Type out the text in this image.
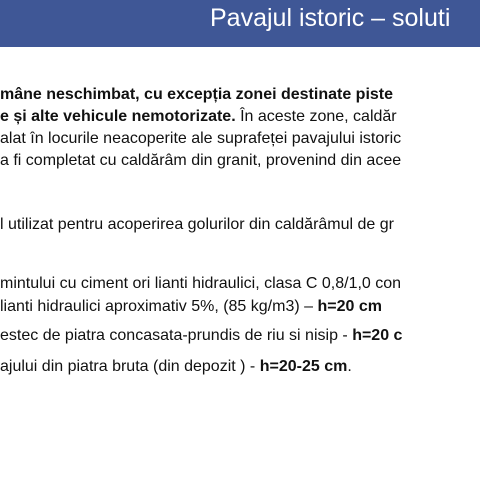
Pavajul istoric – soluti
mâne neschimbat, cu excepția zonei destinate piste
e și alte vehicule nemotorizate. În aceste zone, caldăr
alat în locurile neacoperite ale suprafeței pavajului istoric
a fi completat cu caldărâm din granit, provenind din acee
l utilizat pentru acoperirea golurilor din caldărâmul de gr
mintului cu ciment ori lianti hidraulici, clasa C 0,8/1,0 con
lianti hidraulici aproximativ 5%, (85 kg/m3) – h=20 cm
estec de piatra concasata-prundis de riu si nisip - h=20 c
ajului din piatra bruta (din depozit ) - h=20-25 cm.
